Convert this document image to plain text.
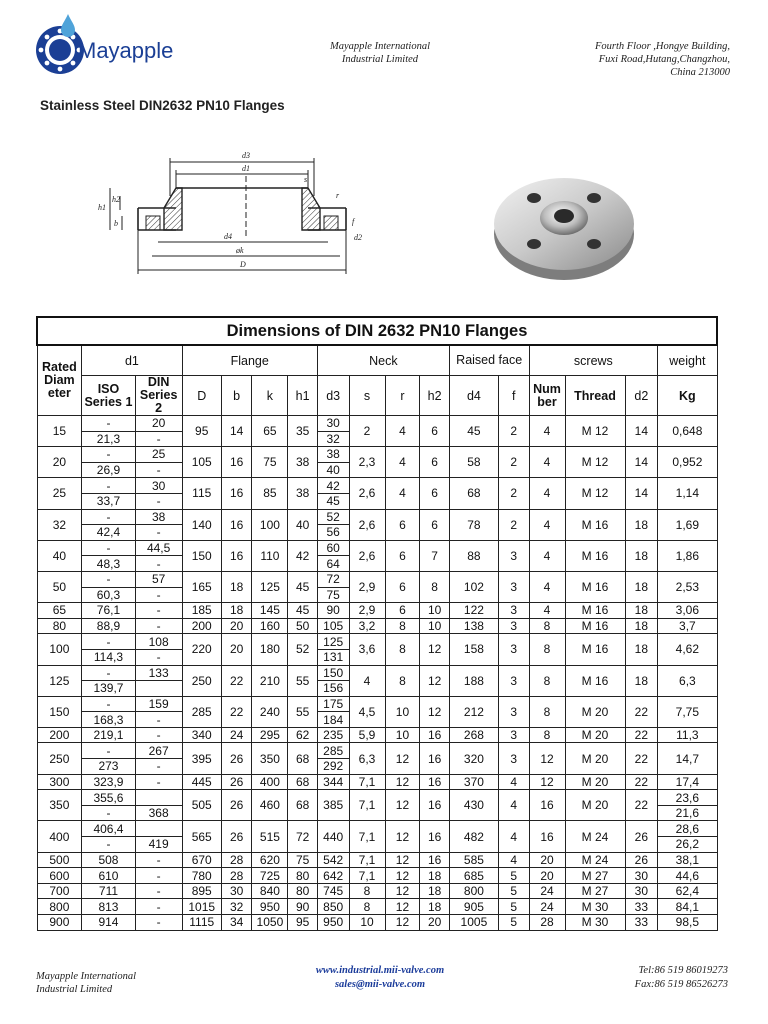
Mayapple	Mayapple International
Industrial Limited
Fourth Floor ,Hongye Building,
Fuxi Road,Hutang,Changzhou,
China 213000
Stainless Steel DIN2632 PN10 Flanges
d3
d1
s
r
h1
h2
b	f
d2
d4
øk
D
Dimensions of DIN 2632 PN10 Flanges																
Rated Diam eter	d1		Flange				Neck				Raised face		screws			weight
	ISO Series 1	DIN Series 2	D	b	k	h1	d3	s	r	h2	d4	f	Num ber	Thread	d2	Kg
15	-	20	95	14	65	35	30	2	4	6	45	2	4	M 12	14	0,648
	21,3	-					32									
20	-	25	105	16	75	38	38	2,3	4	6	58	2	4	M 12	14	0,952
	26,9	-					40									
25	-	30	115	16	85	38	42	2,6	4	6	68	2	4	M 12	14	1,14
	33,7	-					45									
32	-	38	140	16	100	40	52	2,6	6	6	78	2	4	M 16	18	1,69
	42,4	-					56									
40	-	44,5	150	16	110	42	60	2,6	6	7	88	3	4	M 16	18	1,86
	48,3	-					64									
50	-	57	165	18	125	45	72	2,9	6	8	102	3	4	M 16	18	2,53
	60,3	-					75									
65	76,1	-	185	18	145	45	90	2,9	6	10	122	3	4	M 16	18	3,06
80	88,9	-	200	20	160	50	105	3,2	8	10	138	3	8	M 16	18	3,7
100	-	108	220	20	180	52	125	3,6	8	12	158	3	8	M 16	18	4,62
	114,3	-					131									
125	-	133	250	22	210	55	150	4	8	12	188	3	8	M 16	18	6,3
	139,7						156									
150	-	159	285	22	240	55	175	4,5	10	12	212	3	8	M 20	22	7,75
	168,3	-					184									
200	219,1	-	340	24	295	62	235	5,9	10	16	268	3	8	M 20	22	11,3
250	-	267	395	26	350	68	285	6,3	12	16	320	3	12	M 20	22	14,7
	273	-					292									
300	323,9	-	445	26	400	68	344	7,1	12	16	370	4	12	M 20	22	17,4
350	355,6		505	26	460	68	385	7,1	12	16	430	4	16	M 20	22	23,6
	-	368														21,6
400	406,4		565	26	515	72	440	7,1	12	16	482	4	16	M 24	26	28,6
	-	419														26,2
500	508	-	670	28	620	75	542	7,1	12	16	585	4	20	M 24	26	38,1
600	610	-	780	28	725	80	642	7,1	12	18	685	5	20	M 27	30	44,6
700	711	-	895	30	840	80	745	8	12	18	800	5	24	M 27	30	62,4
800	813	-	1015	32	950	90	850	8	12	18	905	5	24	M 30	33	84,1
900	914	-	1115	34	1050	95	950	10	12	20	1005	5	28	M 30	33	98,5
Mayapple International
Industrial Limited
www.industrial.mii-valve.com
sales@mii-valve.com
Tel:86 519 86019273
Fax:86 519 86526273
